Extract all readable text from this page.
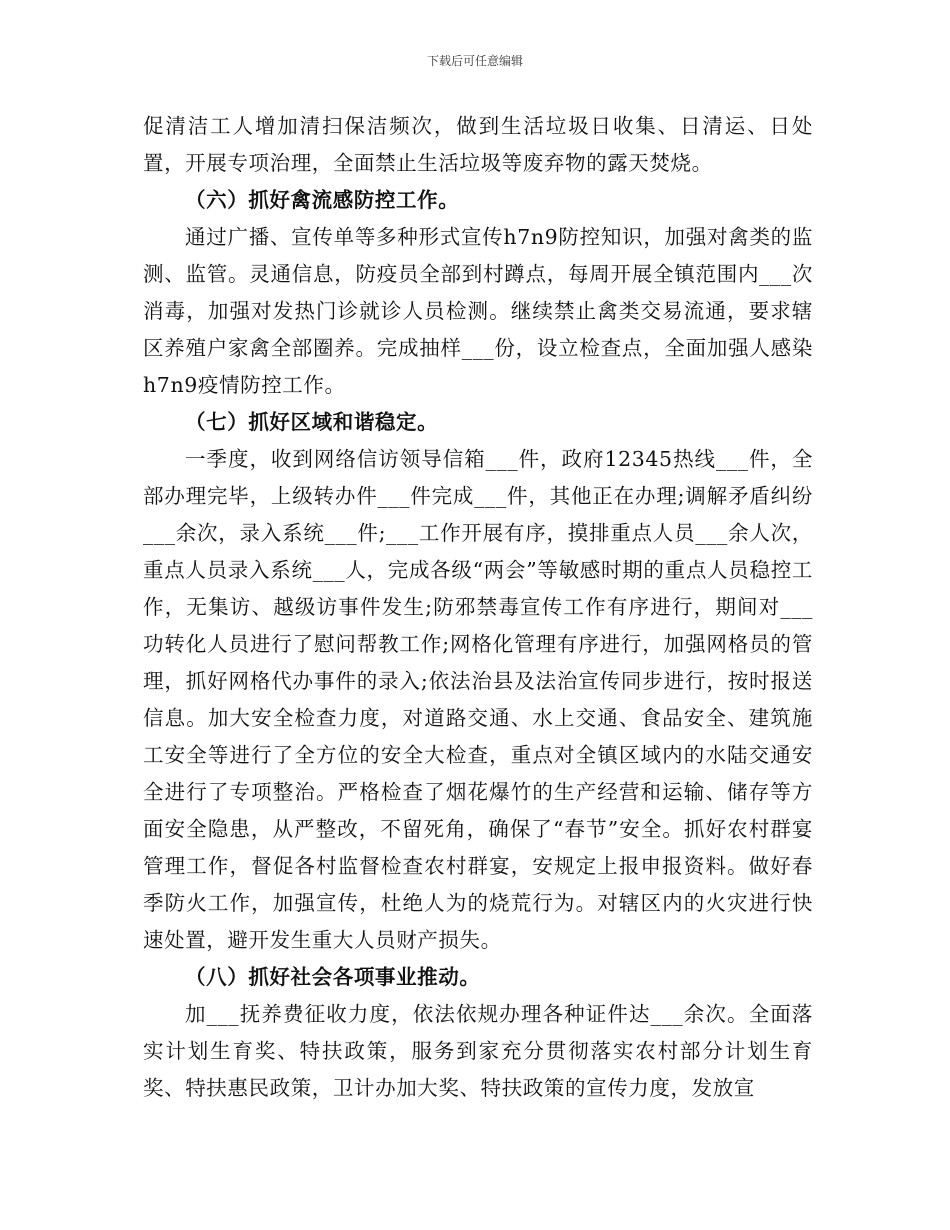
下载后可任意编辑

促清洁工人增加清扫保洁频次，做到生活垃圾日收集、日清运、日处置，开展专项治理，全面禁止生活垃圾等废弃物的露天焚烧。

（六）抓好禽流感防控工作。

通过广播、宣传单等多种形式宣传h7n9防控知识，加强对禽类的监测、监管。灵通信息，防疫员全部到村蹲点，每周开展全镇范围内___次消毒，加强对发热门诊就诊人员检测。继续禁止禽类交易流通，要求辖区养殖户家禽全部圈养。完成抽样___份，设立检查点，全面加强人感染h7n9疫情防控工作。

（七）抓好区域和谐稳定。

一季度，收到网络信访领导信箱___件，政府12345热线___件，全部办理完毕，上级转办件___件完成___件，其他正在办理;调解矛盾纠纷___余次，录入系统___件;___工作开展有序，摸排重点人员___余人次，重点人员录入系统___人，完成各级“两会”等敏感时期的重点人员稳控工作，无集访、越级访事件发生;防邪禁毒宣传工作有序进行，期间对___功转化人员进行了慰问帮教工作;网格化管理有序进行，加强网格员的管理，抓好网格代办事件的录入;依法治县及法治宣传同步进行，按时报送信息。加大安全检查力度，对道路交通、水上交通、食品安全、建筑施工安全等进行了全方位的安全大检查，重点对全镇区域内的水陆交通安全进行了专项整治。严格检查了烟花爆竹的生产经营和运输、储存等方面安全隐患，从严整改，不留死角，确保了“春节”安全。抓好农村群宴管理工作，督促各村监督检查农村群宴，安规定上报申报资料。做好春季防火工作，加强宣传，杜绝人为的烧荒行为。对辖区内的火灾进行快速处置，避开发生重大人员财产损失。

（八）抓好社会各项事业推动。

加___抚养费征收力度，依法依规办理各种证件达___余次。全面落实计划生育奖、特扶政策，服务到家充分贯彻落实农村部分计划生育奖、特扶惠民政策，卫计办加大奖、特扶政策的宣传力度，发放宣
